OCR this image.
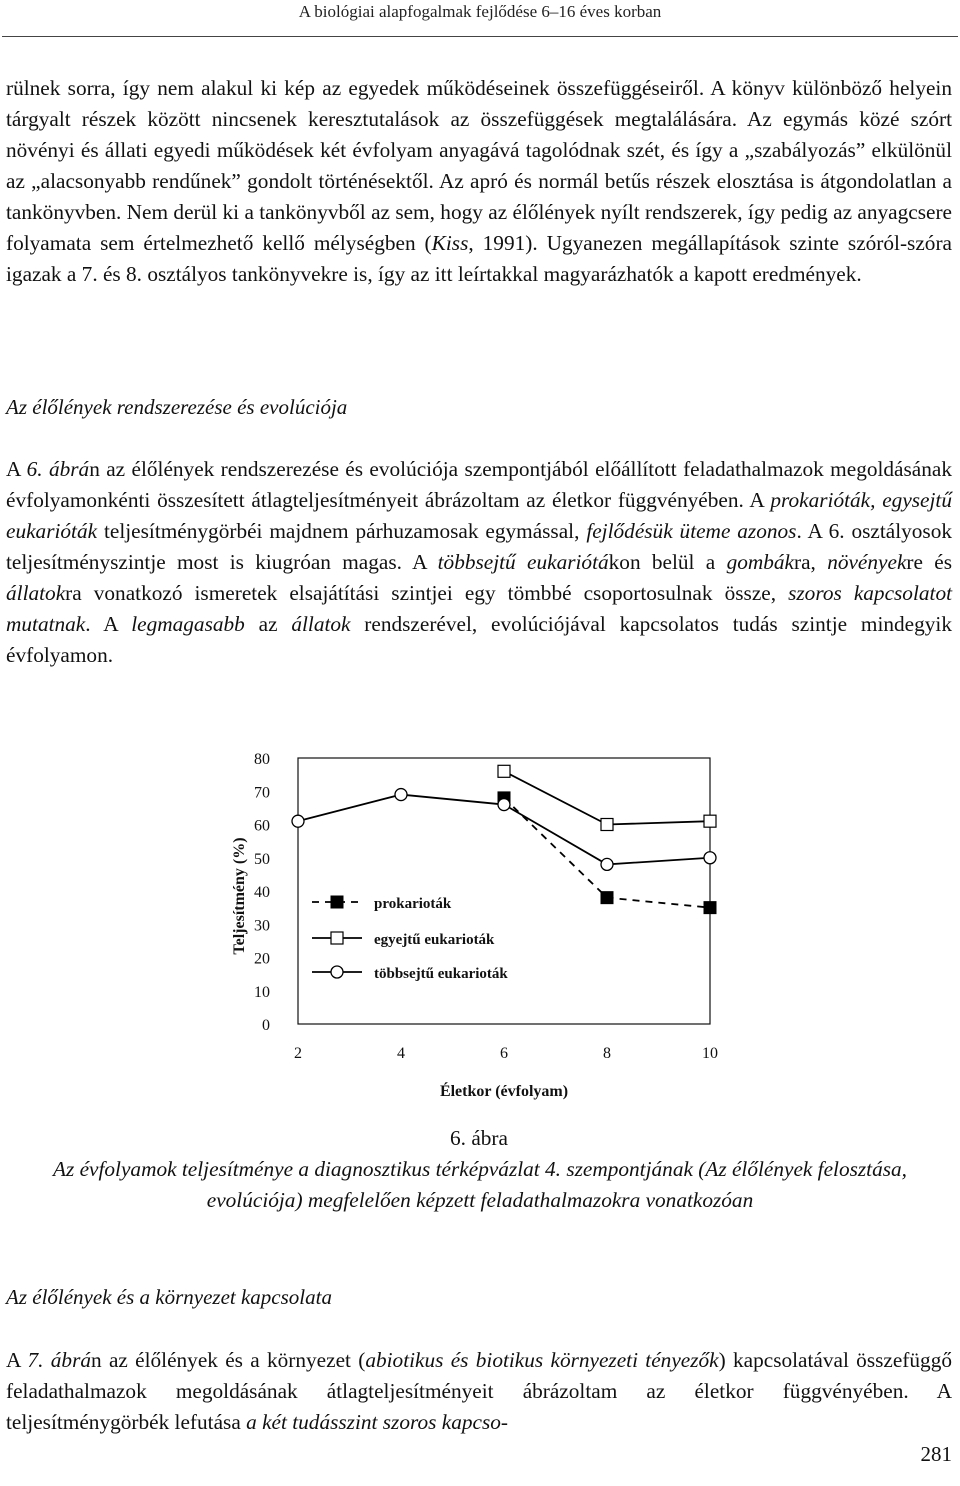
A biológiai alapfogalmak fejlődése 6–16 éves korban
rülnek sorra, így nem alakul ki kép az egyedek működéseinek összefüggéseiről. A könyv különböző helyein tárgyalt részek között nincsenek keresztutalások az összefüggések megtalálására. Az egymás közé szórt növényi és állati egyedi működések két évfolyam anyagává tagolódnak szét, és így a „szabályozás” elkülönül az „alacsonyabb rendűnek” gondolt történésektől. Az apró és normál betűs részek elosztása is átgondolatlan a tankönyvben. Nem derül ki a tankönyvből az sem, hogy az élőlények nyílt rendszerek, így pedig az anyagcsere folyamata sem értelmezhető kellő mélységben (Kiss, 1991). Ugyanezen megállapítások szinte szóról-szóra igazak a 7. és 8. osztályos tankönyvekre is, így az itt leírtakkal magyarázhatók a kapott eredmények.
Az élőlények rendszerezése és evolúciója
A 6. ábrán az élőlények rendszerezése és evolúciója szempontjából előállított feladathalmazok megoldásának évfolyamonkénti összesített átlagteljesítményeit ábrázoltam az életkor függvényében. A prokarióták, egysejtű eukarióták teljesítménygörbéi majdnem párhuzamosak egymással, fejlődésük üteme azonos. A 6. osztályosok teljesítményszintje most is kiugróan magas. A többsejtű eukariótákon belül a gombákra, növényekre és állatokra vonatkozó ismeretek elsajátítási szintjei egy tömbbé csoportosulnak össze, szoros kapcsolatot mutatnak. A legmagasabb az állatok rendszerével, evolúciójával kapcsolatos tudás szintje mindegyik évfolyamon.
0
10
20
30
40
50
60
70
80
2	4	6	8	10
Életkor (évfolyam)
Teljesítmény (%)	prokarioták
egyejtű eukarioták
többsejtű eukarioták
6. ábra
Az évfolyamok teljesítménye a diagnosztikus térképvázlat 4. szempontjának (Az élőlények felosztása, evolúciója) megfelelően képzett feladathalmazokra vonatkozóan
Az élőlények és a környezet kapcsolata
A 7. ábrán az élőlények és a környezet (abiotikus és biotikus környezeti tényezők) kapcsolatával összefüggő feladathalmazok megoldásának átlagteljesítményeit ábrázoltam az életkor függvényében. A teljesítménygörbék lefutása a két tudásszint szoros kapcso-
281
